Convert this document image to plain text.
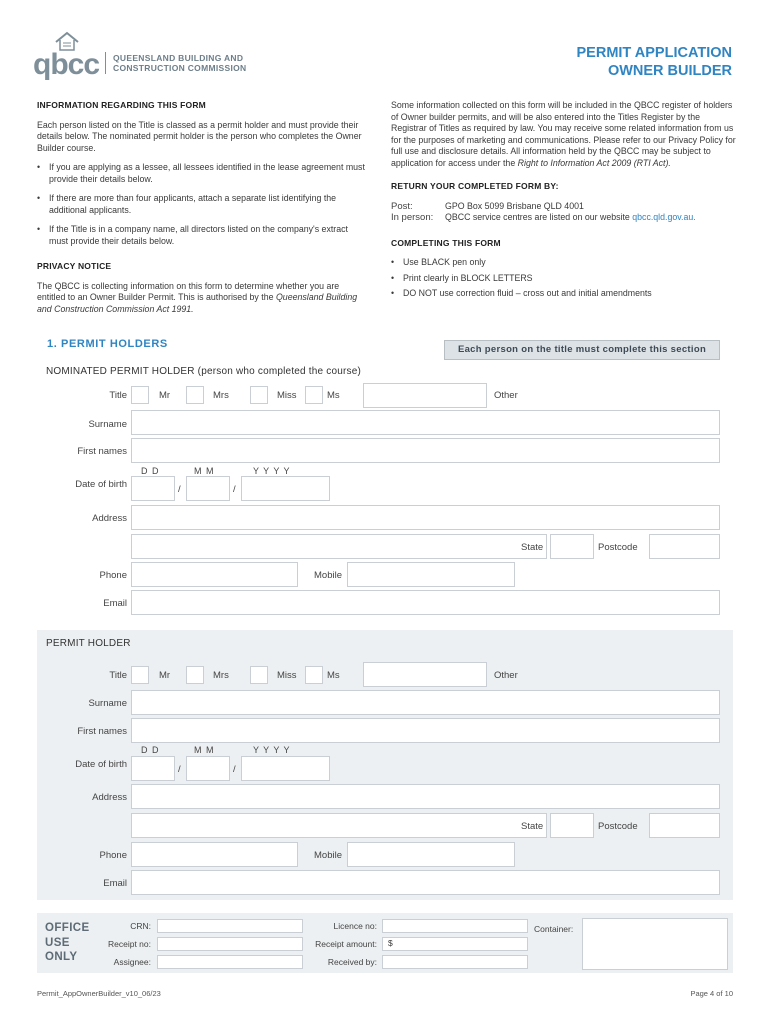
qbcc QUEENSLAND BUILDING AND
CONSTRUCTION COMMISSION
PERMIT APPLICATION
OWNER BUILDER
INFORMATION REGARDING THIS FORM
Each person listed on the Title is classed as a permit holder and must provide their details below. The nominated permit holder is the person who completes the Owner Builder course.
• If you are applying as a lessee, all lessees identified in the lease agreement must provide their details below.
• If there are more than four applicants, attach a separate list identifying the additional applicants.
• If the Title is in a company name, all directors listed on the company's extract must provide their details below.
PRIVACY NOTICE
The QBCC is collecting information on this form to determine whether you are entitled to an Owner Builder Permit. This is authorised by the Queensland Building and Construction Commission Act 1991.
Some information collected on this form will be included in the QBCC register of holders of Owner builder permits, and will be also entered into the Titles Register by the Registrar of Titles as required by law. You may receive some related information from us for the purposes of marketing and communications. Please refer to our Privacy Policy for full use and disclosure details. All information held by the QBCC may be subject to application for access under the Right to Information Act 2009 (RTI Act).
RETURN YOUR COMPLETED FORM BY:
Post:	GPO Box 5099 Brisbane QLD 4001
In person:	QBCC service centres are listed on our website qbcc.qld.gov.au.
COMPLETING THIS FORM
• Use BLACK pen only
• Print clearly in BLOCK LETTERS
• DO NOT use correction fluid – cross out and initial amendments
1. PERMIT HOLDERS	Each person on the title must complete this section
NOMINATED PERMIT HOLDER (person who completed the course)
Title	Mr	Mrs	Miss	Ms	Other
Surname
First names
D D	M M	Y Y Y Y
Date of birth	/	/
Address
State	Postcode
Phone	Mobile
Email
PERMIT HOLDER
Title	Mr	Mrs	Miss	Ms	Other
Surname
First names
D D	M M	Y Y Y Y
Date of birth	/	/
Address
State	Postcode
Phone	Mobile
Email
OFFICE
USE
ONLY
CRN:
Receipt no:
Assignee:
Licence no:
Receipt amount: $
Received by:
Container:
Permit_AppOwnerBuilder_v10_06/23	Page 4 of 10
